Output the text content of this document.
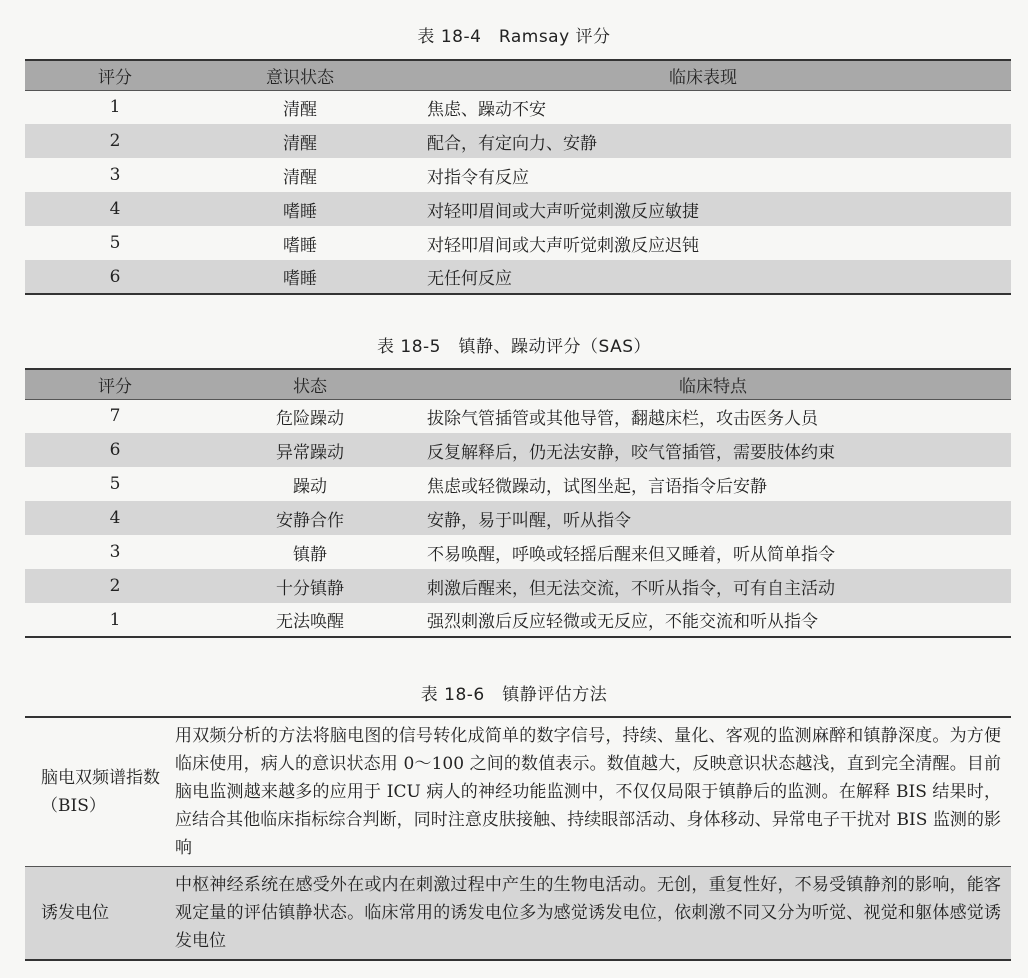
表 18-4　Ramsay 评分
评分	意识状态	临床表现
1	清醒	焦虑、躁动不安
2	清醒	配合，有定向力、安静
3	清醒	对指令有反应
4	嗜睡	对轻叩眉间或大声听觉刺激反应敏捷
5	嗜睡	对轻叩眉间或大声听觉刺激反应迟钝
6	嗜睡	无任何反应
表 18-5　镇静、躁动评分（SAS）
评分	状态	临床特点
7	危险躁动	拔除气管插管或其他导管，翻越床栏，攻击医务人员
6	异常躁动	反复解释后，仍无法安静，咬气管插管，需要肢体约束
5	躁动	焦虑或轻微躁动，试图坐起，言语指令后安静
4	安静合作	安静，易于叫醒，听从指令
3	镇静	不易唤醒，呼唤或轻摇后醒来但又睡着，听从简单指令
2	十分镇静	刺激后醒来，但无法交流，不听从指令，可有自主活动
1	无法唤醒	强烈刺激后反应轻微或无反应，不能交流和听从指令
表 18-6　镇静评估方法
脑电双频谱指数（BIS）	用双频分析的方法将脑电图的信号转化成简单的数字信号，持续、量化、客观的监测麻醉和镇静深度。为方便临床使用，病人的意识状态用 0～100 之间的数值表示。数值越大，反映意识状态越浅，直到完全清醒。目前脑电监测越来越多的应用于 ICU 病人的神经功能监测中，不仅仅局限于镇静后的监测。在解释 BIS 结果时，应结合其他临床指标综合判断，同时注意皮肤接触、持续眼部活动、身体移动、异常电子干扰对 BIS 监测的影响
诱发电位	中枢神经系统在感受外在或内在刺激过程中产生的生物电活动。无创，重复性好，不易受镇静剂的影响，能客观定量的评估镇静状态。临床常用的诱发电位多为感觉诱发电位，依刺激不同又分为听觉、视觉和躯体感觉诱发电位
